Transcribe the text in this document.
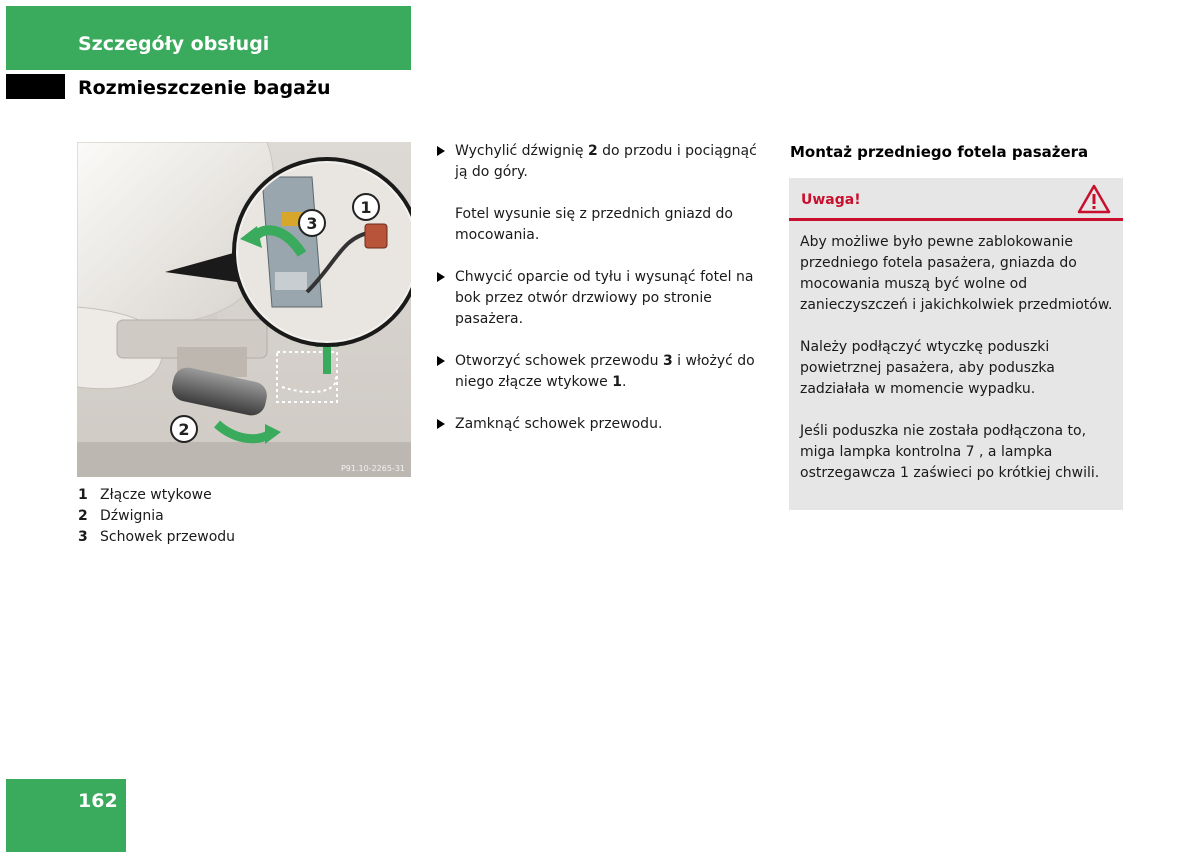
Szczegóły obsługi
Rozmieszczenie bagażu
2
3
1
P91.10-2265-31
1 Złącze wtykowe
2 Dźwignia
3 Schowek przewodu
Wychylić dźwignię 2 do przodu i pociągnąć ją do góry.
Fotel wysunie się z przednich gniazd do mocowania.
Chwycić oparcie od tyłu i wysunąć fotel na bok przez otwór drzwiowy po stronie pasażera.
Otworzyć schowek przewodu 3 i włożyć do niego złącze wtykowe 1.
Zamknąć schowek przewodu.
Montaż przedniego fotela pasażera
Uwaga!

Aby możliwe było pewne zablokowanie przedniego fotela pasażera, gniazda do mocowania muszą być wolne od zanieczyszczeń i jakichkolwiek przedmiotów.

Należy podłączyć wtyczkę poduszki powietrznej pasażera, aby poduszka zadziałała w momencie wypadku.

Jeśli poduszka nie została podłączona to, miga lampka kontrolna 7 , a lampka ostrzegawcza 1 zaświeci po krótkiej chwili.

162
